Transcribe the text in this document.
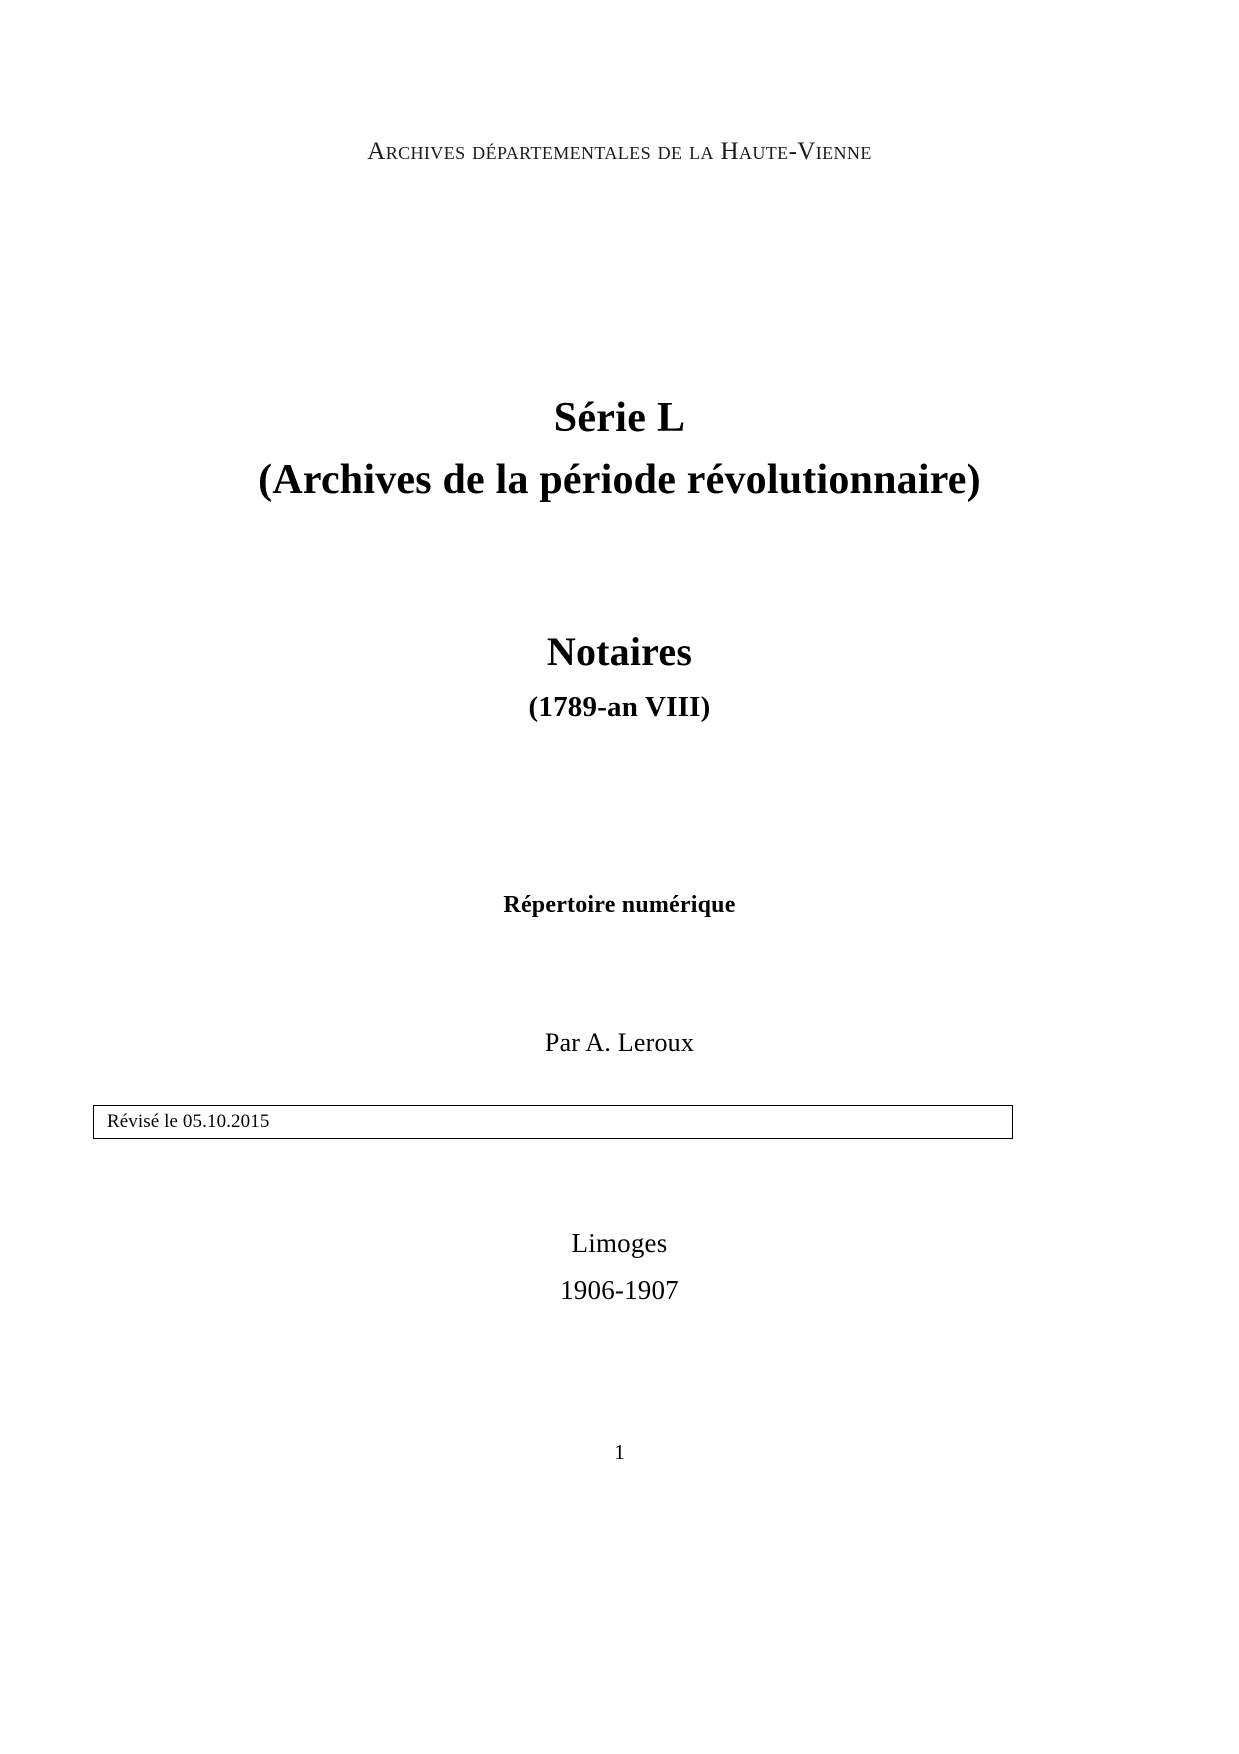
Archives départementales de la Haute-Vienne
Série L
(Archives de la période révolutionnaire)
Notaires
(1789-an VIII)
Répertoire numérique
Par A. Leroux
Révisé le 05.10.2015
Limoges
1906-1907
1
